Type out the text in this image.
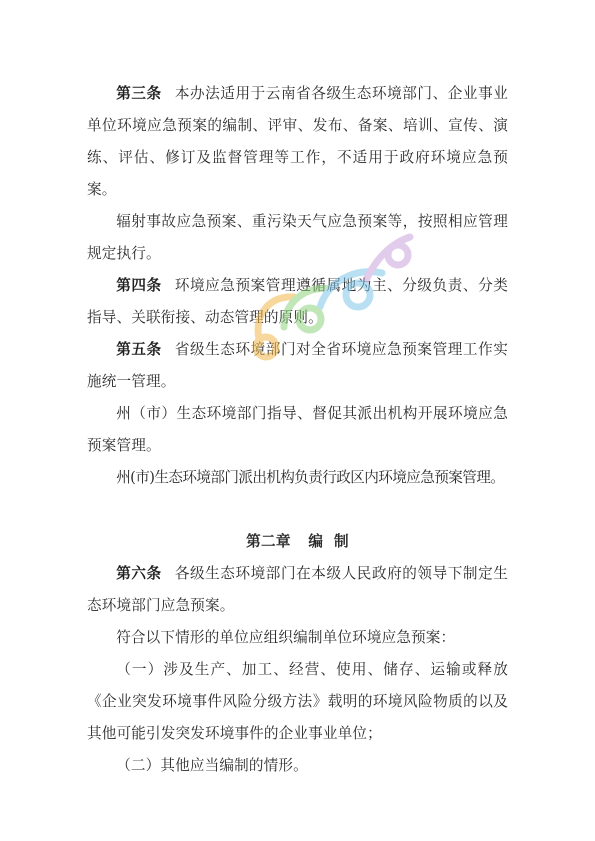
第三条 本办法适用于云南省各级生态环境部门、企业事业单位环境应急预案的编制、评审、发布、备案、培训、宣传、演练、评估、修订及监督管理等工作，不适用于政府环境应急预案。

辐射事故应急预案、重污染天气应急预案等，按照相应管理规定执行。

第四条 环境应急预案管理遵循属地为主、分级负责、分类指导、关联衔接、动态管理的原则。

第五条 省级生态环境部门对全省环境应急预案管理工作实施统一管理。

州（市）生态环境部门指导、督促其派出机构开展环境应急预案管理。

州(市)生态环境部门派出机构负责行政区内环境应急预案管理。

第二章 编  制

第六条 各级生态环境部门在本级人民政府的领导下制定生态环境部门应急预案。

符合以下情形的单位应组织编制单位环境应急预案：

（一）涉及生产、加工、经营、使用、储存、运输或释放《企业突发环境事件风险分级方法》载明的环境风险物质的以及其他可能引发突发环境事件的企业事业单位；

（二）其他应当编制的情形。
